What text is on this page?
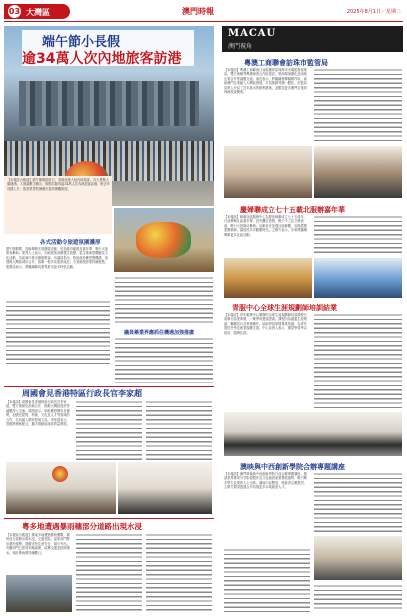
03 大灣區	澳門時報	2025年8月1日／星期二
端午節小長假
逾34萬人次內地旅客訪港
【本報綜合報道】端午節假期首日，香港迎來大批內地旅客，各大景點人頭湧湧。入境處數字顯示，假期共錄得逾34萬人次內地旅客訪港，較去年同期上升，旅遊業界對暑期市道持樂觀態度。
各式活動令旅遊氛圍濃厚
端午節期間，香港舉辦多項節慶活動，包括龍舟競渡及嘉年華，吸引大批旅客參與。業界人士表示，內地旅客消費模式改變，更注重深度體驗及文化活動，各區商戶推出優惠吸客。有議員指出，特區政府應把握機遇，加強與大灣區城市合作，推廣一程多站旅遊產品，令香港旅遊業持續復甦。旅發局表示，將繼續聯同業界推出更多特色活動。
議員稱業界應抓住機遇加強推廣
MACAU
澳門視角
粵澳工商聯會訪珠市監管局
【本報訊】粵澳工商聯會日前組團拜訪珠海市市場監督管理局，雙方就橫琴粵澳深度合作區建設、營商環境優化及兩地企業合作等議題交流。會長表示，將繼續發揮橋樑作用，協助澳門企業融入大灣區發展，共同推動琴澳一體化。市監局負責人介紹了近年推出的便利措施，並歡迎更多澳門企業到珠海投資興業。
慶婦聯成立七十五載北服辦嘉年華
【本報訊】婦聯北區服務中心為慶祝婦聯成立七十五周年，日前舉辦社區嘉年華，設有攤位遊戲、親子手工及文藝表演，吸引大批街坊參與。活動旨在加強社區聯繫，宣揚愛國愛澳精神，讓居民共享歡樂時光。主辦方表示，未來將繼續舉辦更多社區活動。
青服中心全球生涯規劃師培訓結業
【本報訊】青年服務中心舉辦的全球生涯規劃師培訓課程日前舉行結業典禮，一眾學員獲頒證書。課程內容涵蓋生涯理論、輔導技巧及實務操作，協助學員掌握專業知識，為青年提供升學及就業規劃支援。中心負責人表示，期望學員學以致用，服務社群。
澳映與中西創新學院合辦專題講座
【本報訊】澳門映像與中西創新學院日前合辦專題講座，邀請業界專家分享影視製作及文化創意產業發展趨勢，吸引眾多學生及業界人士出席。講座內容豐富，與會者反應熱烈，主辦方期望透過合作培養更多本地創意人才。
周國會見香港特區行政長官李家超
【本報訊】周國會見香港特區行政長官李家超，雙方就深化兩地合作、推動大灣區建設等議題深入交流。周國表示，兩地應發揮各自優勢，加強在經貿、科創、文化及人才等領域的合作，共同融入國家發展大局。李家超表示，香港將積極配合，攜手推動區域高質量發展。
粵多地遭遇暴雨穗部分道路出現水浸
【本報綜合報道】廣東多地遭遇暴雨襲擊，廣州部分道路出現水浸，交通受阻。氣象部門發出暴雨預警，提醒市民注意安全，減少外出。有關部門已派員到場處理，疏導交通並排除積水，預計降雨將持續數日。
